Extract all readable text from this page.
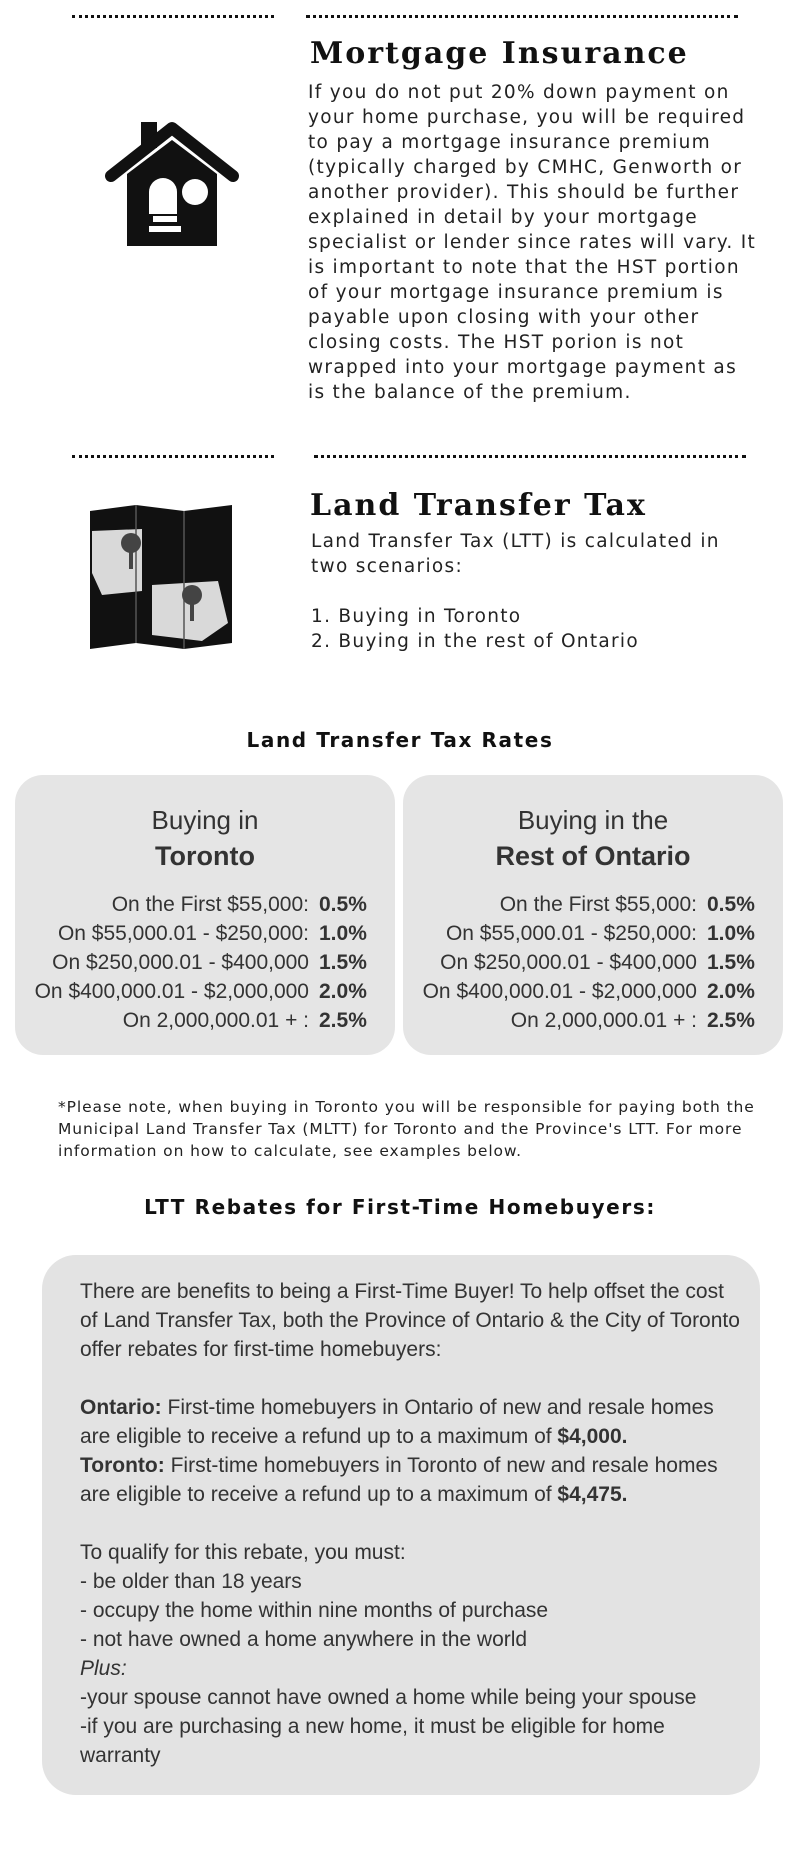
Mortgage Insurance

If you do not put 20% down payment on your home purchase, you will be required to pay a mortgage insurance premium (typically charged by CMHC, Genworth or another provider). This should be further explained in detail by your mortgage specialist or lender since rates will vary. It is important to note that the HST portion of your mortgage insurance premium is payable upon closing with your other closing costs. The HST porion is not wrapped into your mortgage payment as is the balance of the premium.

Land Transfer Tax

Land Transfer Tax (LTT) is calculated in two scenarios:

1. Buying in Toronto

2. Buying in the rest of Ontario

Land Transfer Tax Rates
Buying in
Toronto
On the First $55,000: 0.5%
On $55,000.01 - $250,000: 1.0%
On $250,000.01 - $400,000 1.5%
On $400,000.01 - $2,000,000 2.0%
On 2,000,000.01 + : 2.5%
Buying in the
Rest of Ontario
On the First $55,000: 0.5%
On $55,000.01 - $250,000: 1.0%
On $250,000.01 - $400,000 1.5%
On $400,000.01 - $2,000,000 2.0%
On 2,000,000.01 + : 2.5%

*Please note, when buying in Toronto you will be responsible for paying both the Municipal Land Transfer Tax (MLTT) for Toronto and the Province's LTT. For more information on how to calculate, see examples below.

LTT Rebates for First-Time Homebuyers:

There are benefits to being a First-Time Buyer! To help offset the cost of Land Transfer Tax, both the Province of Ontario & the City of Toronto offer rebates for first-time homebuyers:

Ontario: First-time homebuyers in Ontario of new and resale homes are eligible to receive a refund up to a maximum of $4,000.

Toronto: First-time homebuyers in Toronto of new and resale homes are eligible to receive a refund up to a maximum of $4,475.

To qualify for this rebate, you must:

- be older than 18 years

- occupy the home within nine months of purchase

- not have owned a home anywhere in the world

Plus:

-your spouse cannot have owned a home while being your spouse

-if you are purchasing a new home, it must be eligible for home warranty
